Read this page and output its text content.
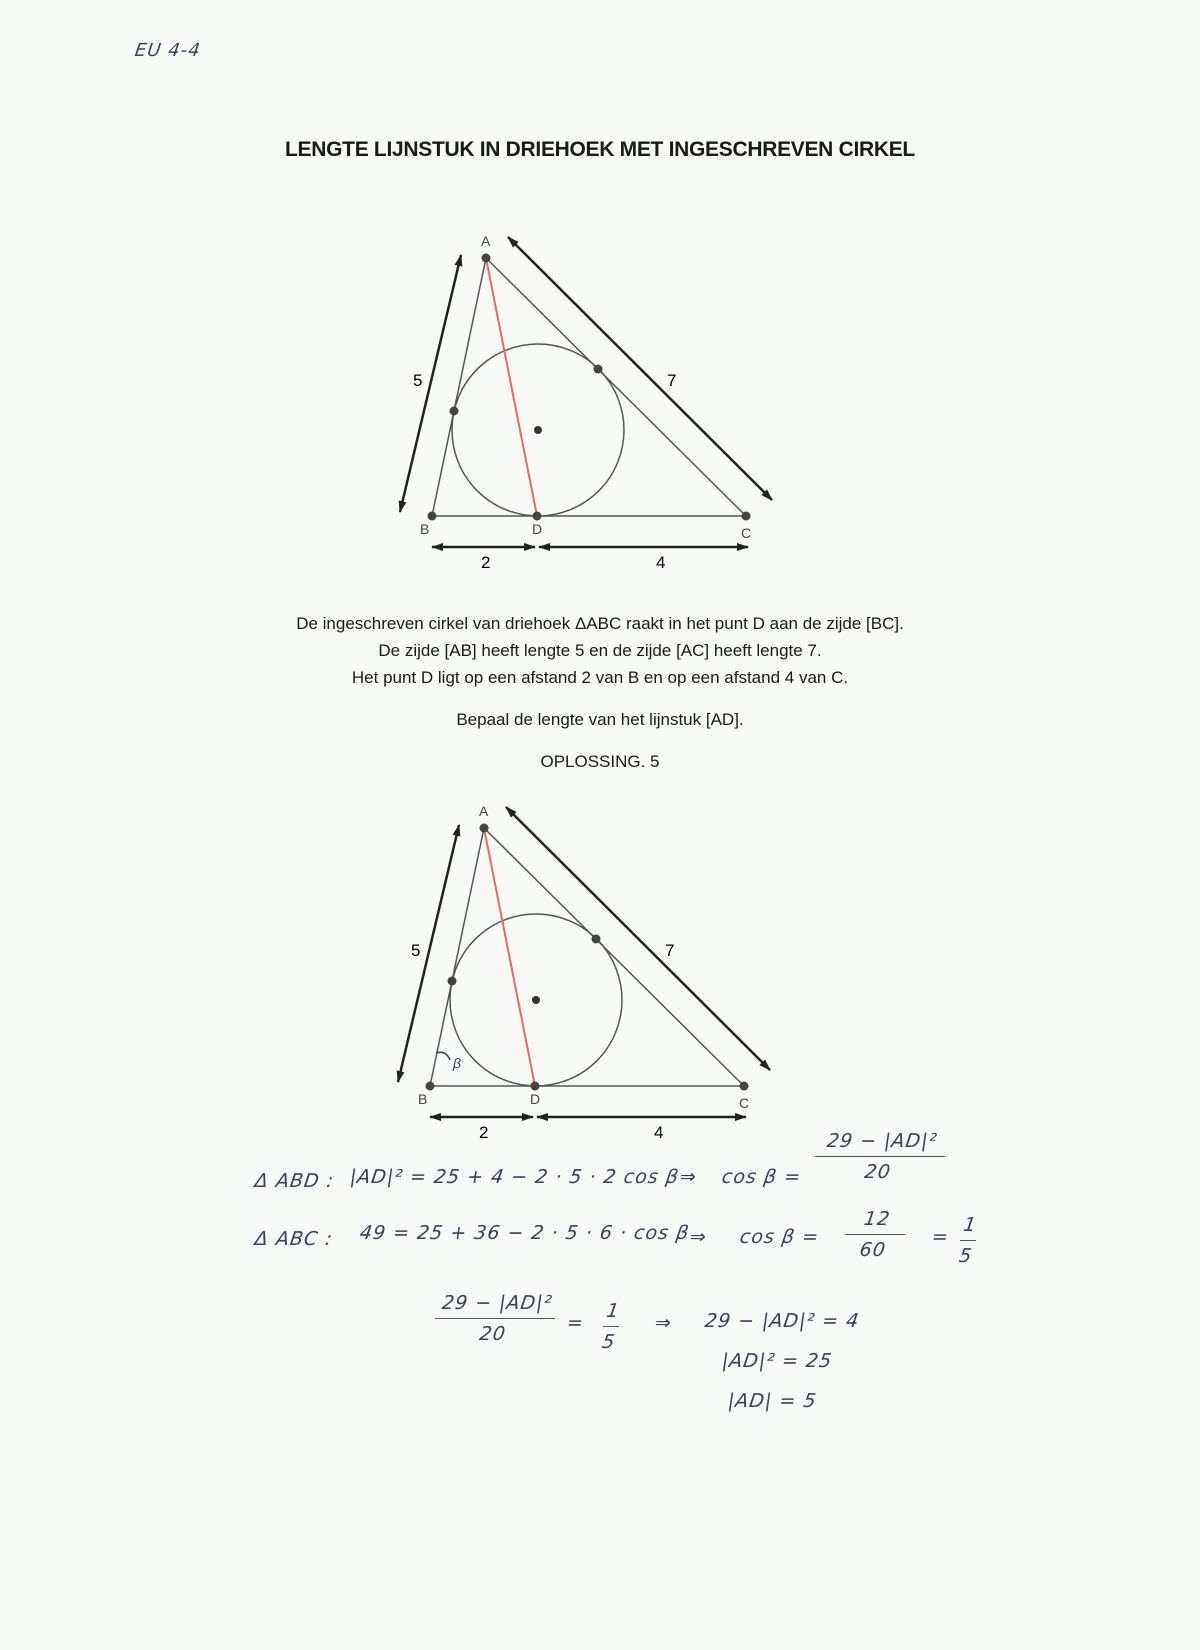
EU 4-4
LENGTE LIJNSTUK IN DRIEHOEK MET INGESCHREVEN CIRKEL
A
B	C
D
5	7
2	4
β
A
B	C
D
5	7
2	4
De ingeschreven cirkel van driehoek ΔABC raakt in het punt D aan de zijde [BC].
De zijde [AB] heeft lengte 5 en de zijde [AC] heeft lengte 7.
Het punt D ligt op een afstand 2 van B en op een afstand 4 van C.
Bepaal de lengte van het lijnstuk [AD].
OPLOSSING. 5
Δ ABD : |AD|² = 25 + 4 − 2 · 5 · 2 cos β
⇒ cos β =
29 − |AD|²
20
Δ ABC : 49 = 25 + 36 − 2 · 5 · 6 · cos β
⇒ cos β =
12
60
=
1
5
29 − |AD|²
20	=
1
5
⇒ 29 − |AD|² = 4
|AD|² = 25
|AD| = 5
